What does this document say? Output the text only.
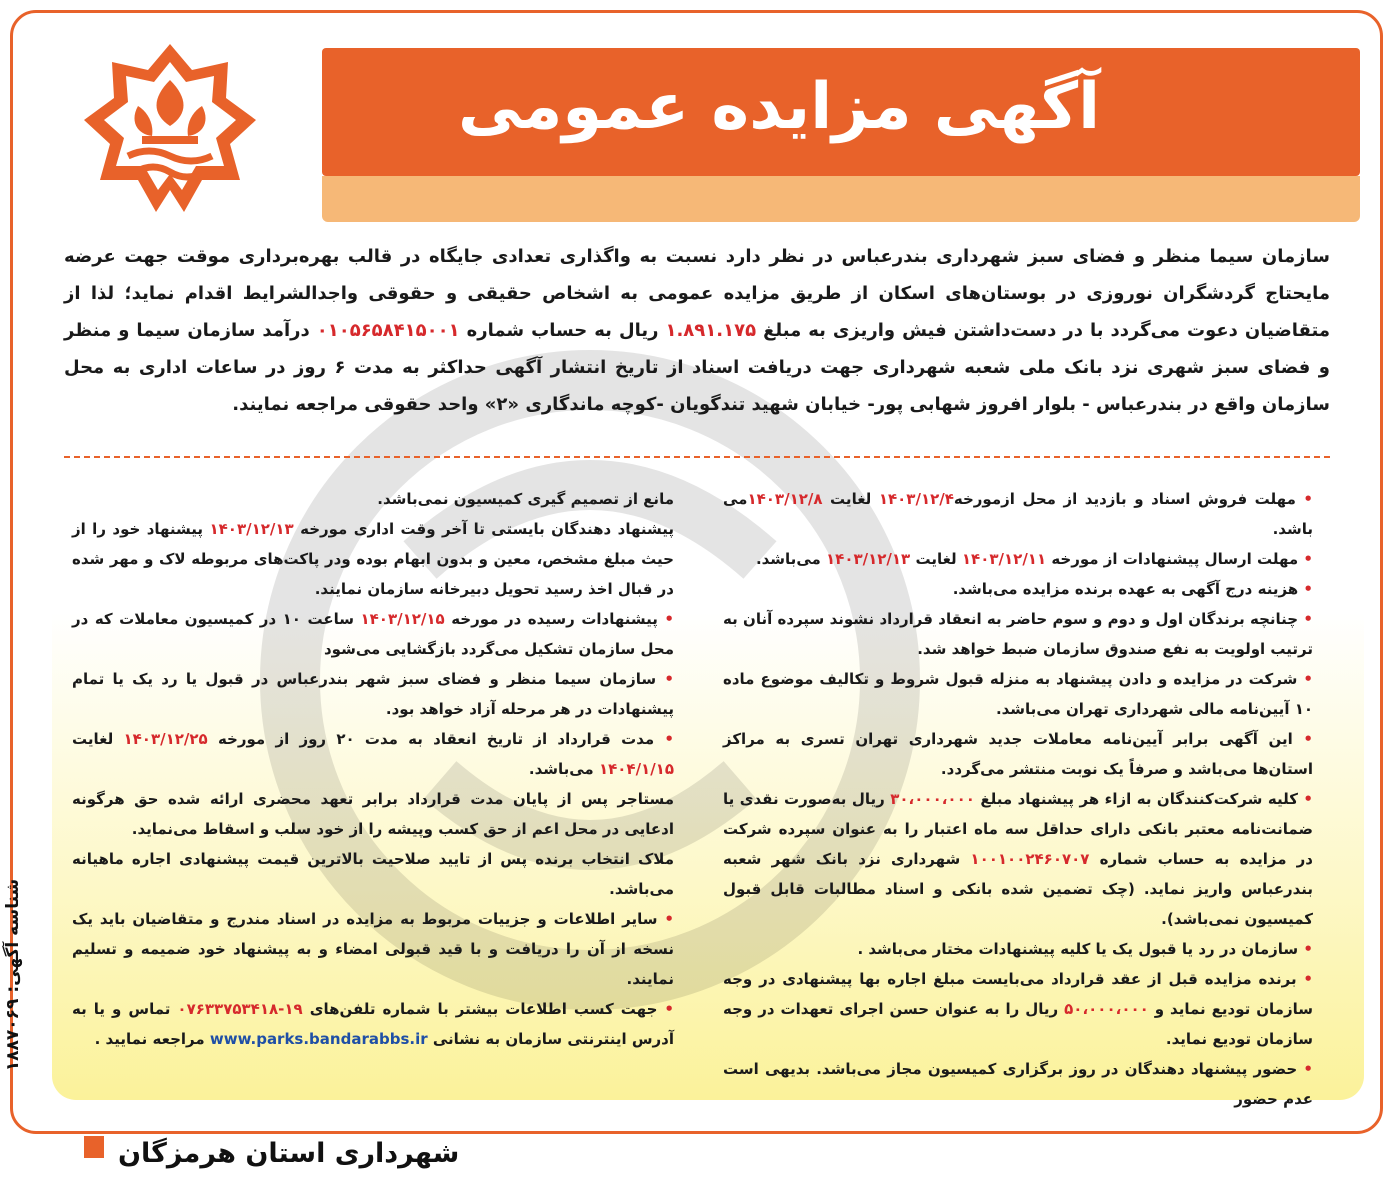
آگهی مزایده عمومی
سازمان سیما منظر و فضای سبز شهرداری بندرعباس در نظر دارد نسبت به واگذاری تعدادی جایگاه در قالب بهره‌برداری موقت جهت عرضه مایحتاج گردشگران نوروزی در بوستان‌های اسکان از طریق مزایده عمومی به اشخاص حقیقی و حقوقی واجدالشرایط اقدام نماید؛ لذا از متقاضیان دعوت می‌گردد با در دست‌داشتن فیش واریزی به مبلغ ۱.۸۹۱.۱۷۵ ریال به حساب شماره ۰۱۰۵۶۵۸۴۱۵۰۰۱ درآمد سازمان سیما و منظر و فضای سبز شهری نزد بانک ملی شعبه شهرداری جهت دریافت اسناد از تاریخ انتشار آگهی حداکثر به مدت ۶ روز در ساعات اداری به محل سازمان واقع در بندرعباس - بلوار افروز شهابی پور- خیابان شهید تندگویان -کوچه ماندگاری «۲» واحد حقوقی مراجعه نمایند.

• مهلت فروش اسناد و بازدید از محل ازمورخه۱۴۰۳/۱۲/۴ لغایت ۱۴۰۳/۱۲/۸می باشد.

• مهلت ارسال پیشنهادات از مورخه ۱۴۰۳/۱۲/۱۱ لغایت ۱۴۰۳/۱۲/۱۳ می‌باشد.

• هزینه درج آگهی به عهده برنده مزایده می‌باشد.

• چنانچه برندگان اول و دوم و سوم حاضر به انعقاد قرارداد نشوند سپرده آنان به ترتیب اولویت به نفع صندوق سازمان ضبط خواهد شد.

• شرکت در مزایده و دادن پیشنهاد به منزله قبول شروط و تکالیف موضوع ماده ۱۰ آیین‌نامه مالی شهرداری تهران می‌باشد.

• این آگهی برابر آیین‌نامه معاملات جدید شهرداری تهران تسری به مراکز استان‌ها می‌باشد و صرفاً یک نوبت منتشر می‌گردد.

• کلیه شرکت‌کنندگان به ازاء هر پیشنهاد مبلغ ۳۰،۰۰۰،۰۰۰ ریال به‌صورت نقدی یا ضمانت‌نامه معتبر بانکی دارای حداقل سه ماه اعتبار را به عنوان سپرده شرکت در مزایده به حساب شماره ۱۰۰۱۰۰۲۴۶۰۷۰۷ شهرداری نزد بانک شهر شعبه بندرعباس واریز نماید. (چک تضمین شده بانکی و اسناد مطالبات قابل قبول کمیسیون نمی‌باشد).

• سازمان در رد یا قبول یک یا کلیه پیشنهادات مختار می‌باشد .

• برنده مزایده قبل از عقد قرارداد می‌بایست مبلغ اجاره بها پیشنهادی در وجه سازمان تودیع نماید و ۵۰،۰۰۰،۰۰۰ ریال را به عنوان حسن اجرای تعهدات در وجه سازمان تودیع نماید.

• حضور پیشنهاد دهندگان در روز برگزاری کمیسیون مجاز می‌باشد. بدیهی است عدم حضور

مانع از تصمیم گیری کمیسیون نمی‌باشد.

پیشنهاد دهندگان بایستی تا آخر وقت اداری مورخه ۱۴۰۳/۱۲/۱۳ پیشنهاد خود را از حیث مبلغ مشخص، معین و بدون ابهام بوده ودر پاکت‌های مربوطه لاک و مهر شده در قبال اخذ رسید تحویل دبیرخانه سازمان نمایند.

• پیشنهادات رسیده در مورخه ۱۴۰۳/۱۲/۱۵ ساعت ۱۰ در کمیسیون معاملات که در محل سازمان تشکیل می‌گردد بازگشایی می‌شود

• سازمان سیما منظر و فضای سبز شهر بندرعباس در قبول یا رد یک یا تمام پیشنهادات در هر مرحله آزاد خواهد بود.

• مدت قرارداد از تاریخ انعقاد به مدت ۲۰ روز از مورخه ۱۴۰۳/۱۲/۲۵ لغایت ۱۴۰۴/۱/۱۵ می‌باشد.

مستاجر پس از پایان مدت قرارداد برابر تعهد محضری ارائه شده حق هرگونه ادعایی در محل اعم از حق کسب وپیشه را از خود سلب و اسقاط می‌نماید.

ملاک انتخاب برنده پس از تایید صلاحیت بالاترین قیمت پیشنهادی اجاره ماهیانه می‌باشد.

• سایر اطلاعات و جزییات مربوط به مزایده در اسناد مندرج و متقاضیان باید یک نسخه از آن را دریافت و با قید قبولی امضاء و به پیشنهاد خود ضمیمه و تسلیم نمایند.

• جهت کسب اطلاعات بیشتر با شماره تلفن‌های ۱۹-۰۷۶۳۳۷۵۳۴۱۸ تماس و یا به آدرس اینترنتی سازمان به نشانی www.parks.bandarabbs.ir مراجعه نمایید .

شناسه آگهی: ۱۸۸۷۰۶۹
شهرداری استان هرمزگان
